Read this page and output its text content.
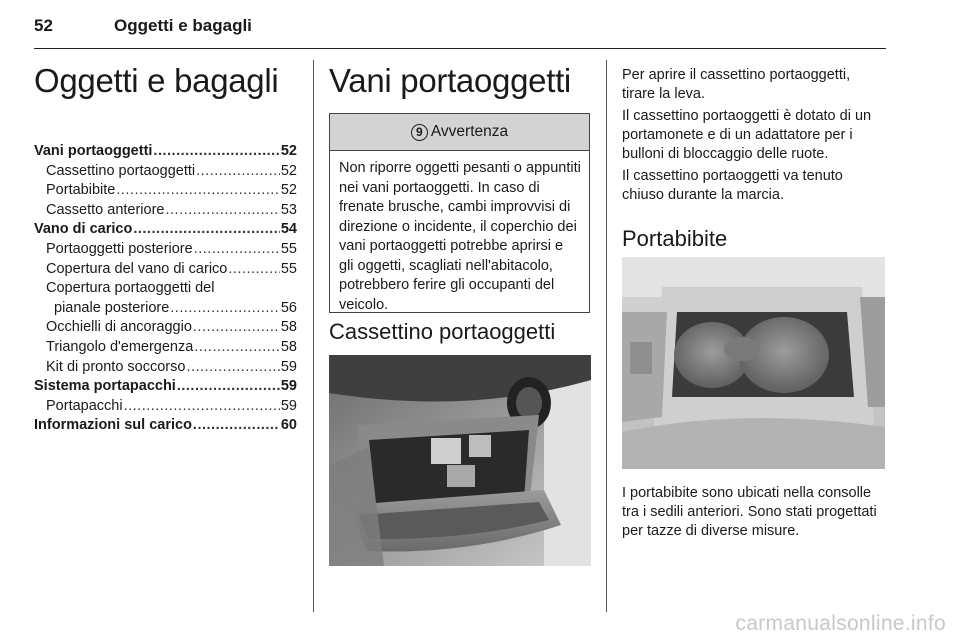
52	Oggetti e bagagli
Oggetti e bagagli
Vani portaoggetti .....	52
Cassettino portaoggetti .....	52
Portabibite .....	52
Cassetto anteriore .....	53
Vano di carico .....	54
Portaoggetti posteriore .....	55
Copertura del vano di carico .....	55
Copertura portaoggetti del
pianale posteriore .....	56
Occhielli di ancoraggio .....	58
Triangolo d'emergenza .....	58
Kit di pronto soccorso .....	59
Sistema portapacchi .....	59
Portapacchi .....	59
Informazioni sul carico .....	60
Vani portaoggetti
9 Avvertenza
Non riporre oggetti pesanti o appuntiti nei vani portaoggetti. In caso di frenate brusche, cambi improvvisi di direzione o incidente, il coperchio dei vani portaoggetti potrebbe aprirsi e gli oggetti, scagliati nell'abitacolo, potrebbero ferire gli occupanti del veicolo.
Cassettino portaoggetti
Per aprire il cassettino portaoggetti, tirare la leva.
Il cassettino portaoggetti è dotato di un portamonete e di un adattatore per i bulloni di bloccaggio delle ruote.
Il cassettino portaoggetti va tenuto chiuso durante la marcia.
Portabibite
I portabibite sono ubicati nella consolle tra i sedili anteriori. Sono stati progettati per tazze di diverse misure.
carmanualsonline.info
